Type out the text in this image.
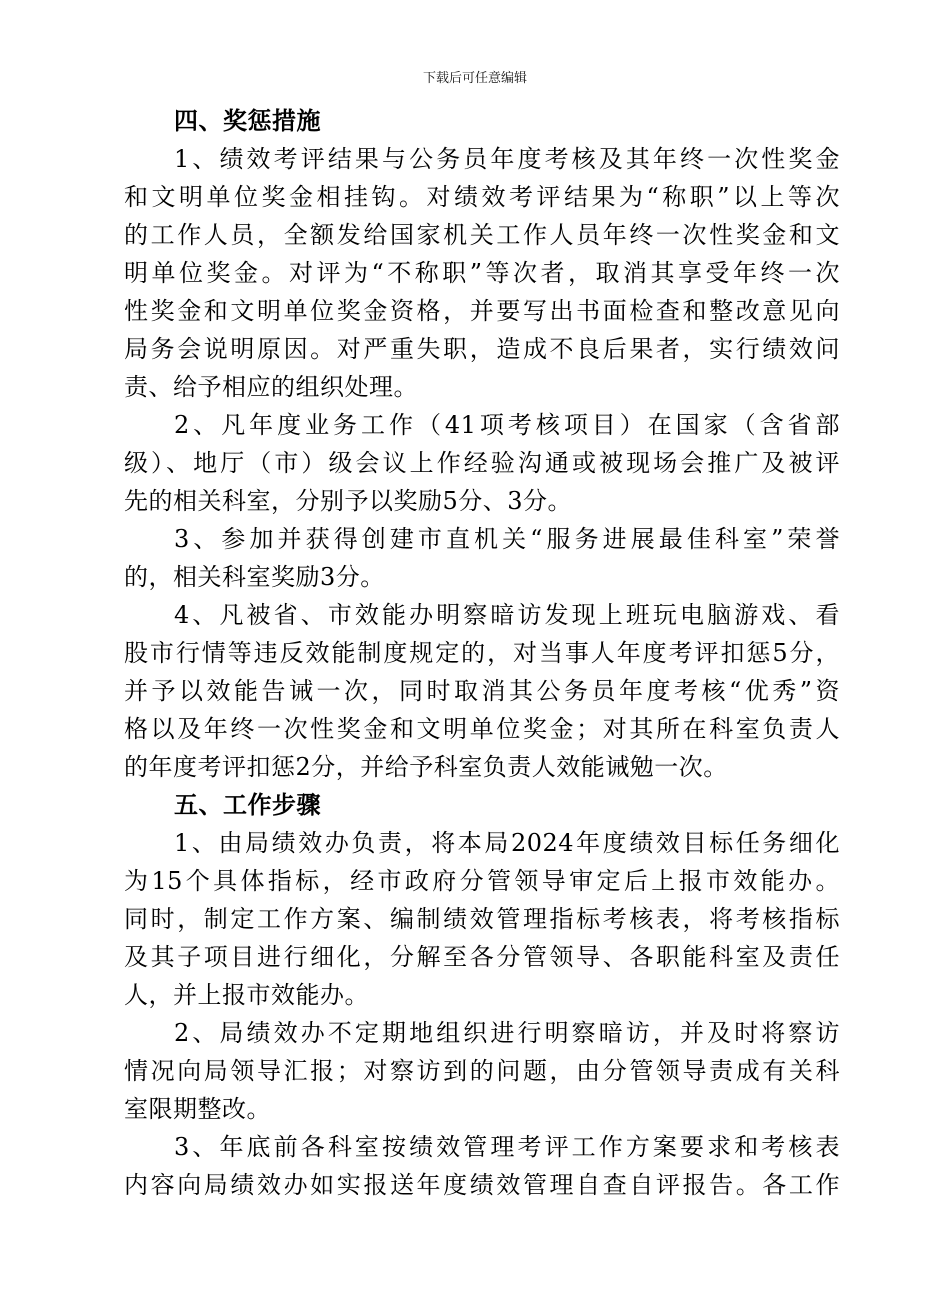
下载后可任意编辑
四、奖惩措施
1、绩效考评结果与公务员年度考核及其年终一次性奖金
和文明单位奖金相挂钩。对绩效考评结果为“称职”以上等次
的工作人员，全额发给国家机关工作人员年终一次性奖金和文
明单位奖金。对评为“不称职”等次者，取消其享受年终一次
性奖金和文明单位奖金资格，并要写出书面检查和整改意见向
局务会说明原因。对严重失职，造成不良后果者，实行绩效问
责、给予相应的组织处理。
2、凡年度业务工作（41项考核项目）在国家（含省部
级）、地厅（市）级会议上作经验沟通或被现场会推广及被评
先的相关科室，分别予以奖励5分、3分。
3、参加并获得创建市直机关“服务进展最佳科室”荣誉
的，相关科室奖励3分。
4、凡被省、市效能办明察暗访发现上班玩电脑游戏、看
股市行情等违反效能制度规定的，对当事人年度考评扣惩5分，
并予以效能告诫一次，同时取消其公务员年度考核“优秀”资
格以及年终一次性奖金和文明单位奖金；对其所在科室负责人
的年度考评扣惩2分，并给予科室负责人效能诫勉一次。
五、工作步骤
1、由局绩效办负责，将本局2024年度绩效目标任务细化
为15个具体指标，经市政府分管领导审定后上报市效能办。
同时，制定工作方案、编制绩效管理指标考核表，将考核指标
及其子项目进行细化，分解至各分管领导、各职能科室及责任
人，并上报市效能办。
2、局绩效办不定期地组织进行明察暗访，并及时将察访
情况向局领导汇报；对察访到的问题，由分管领导责成有关科
室限期整改。
3、年底前各科室按绩效管理考评工作方案要求和考核表
内容向局绩效办如实报送年度绩效管理自查自评报告。各工作
